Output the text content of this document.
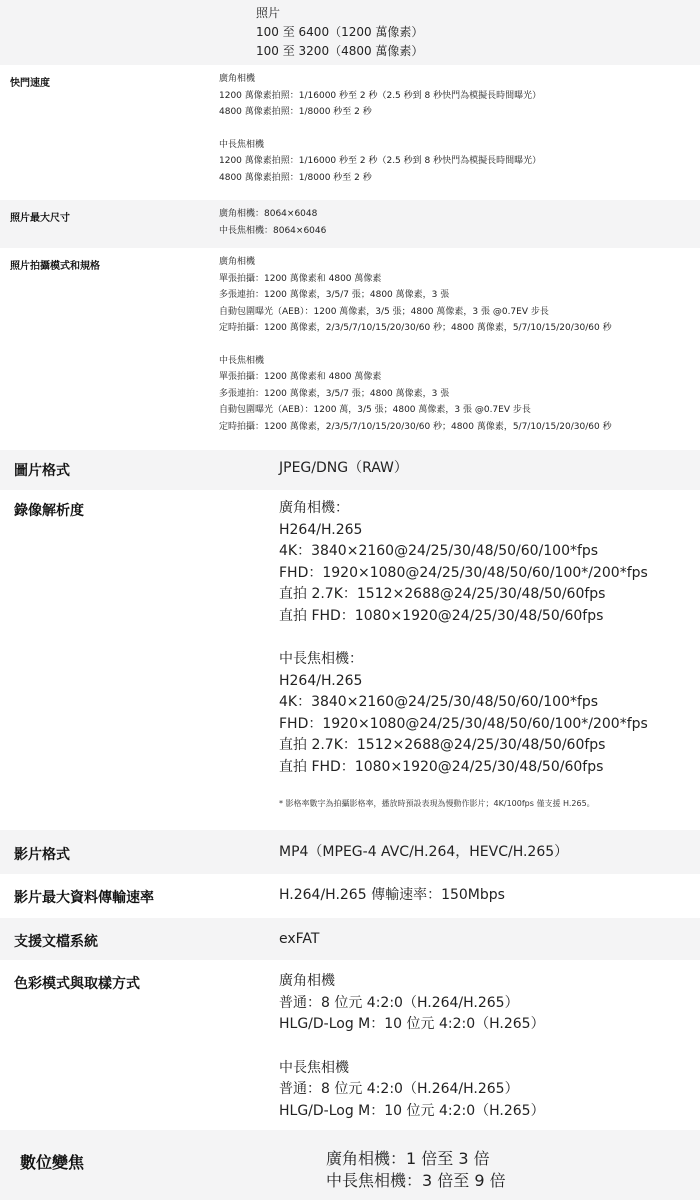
照片
100 至 6400（1200 萬像素）
100 至 3200（4800 萬像素）
快門速度	廣角相機
1200 萬像素拍照：1/16000 秒至 2 秒（2.5 秒到 8 秒快門為模擬長時間曝光）
4800 萬像素拍照：1/8000 秒至 2 秒
中長焦相機
1200 萬像素拍照：1/16000 秒至 2 秒（2.5 秒到 8 秒快門為模擬長時間曝光）
4800 萬像素拍照：1/8000 秒至 2 秒
照片最大尺寸	廣角相機：8064×6048
中長焦相機：8064×6046
照片拍攝模式和規格	廣角相機
單張拍攝：1200 萬像素和 4800 萬像素
多張連拍：1200 萬像素，3/5/7 張；4800 萬像素，3 張
自動包圍曝光（AEB）：1200 萬像素，3/5 張；4800 萬像素，3 張 @0.7EV 步長
定時拍攝：1200 萬像素，2/3/5/7/10/15/20/30/60 秒；4800 萬像素，5/7/10/15/20/30/60 秒
中長焦相機
單張拍攝：1200 萬像素和 4800 萬像素
多張連拍：1200 萬像素，3/5/7 張；4800 萬像素，3 張
自動包圍曝光（AEB）：1200 萬，3/5 張；4800 萬像素，3 張 @0.7EV 步長
定時拍攝：1200 萬像素，2/3/5/7/10/15/20/30/60 秒；4800 萬像素，5/7/10/15/20/30/60 秒
圖片格式	JPEG/DNG（RAW）
錄像解析度	廣角相機：
H264/H.265
4K：3840×2160@24/25/30/48/50/60/100*fps
FHD：1920×1080@24/25/30/48/50/60/100*/200*fps
直拍 2.7K：1512×2688@24/25/30/48/50/60fps
直拍 FHD：1080×1920@24/25/30/48/50/60fps
中長焦相機：
H264/H.265
4K：3840×2160@24/25/30/48/50/60/100*fps
FHD：1920×1080@24/25/30/48/50/60/100*/200*fps
直拍 2.7K：1512×2688@24/25/30/48/50/60fps
直拍 FHD：1080×1920@24/25/30/48/50/60fps
* 影格率數字為拍攝影格率，播放時預設表現為慢動作影片；4K/100fps 僅支援 H.265。
影片格式	MP4（MPEG-4 AVC/H.264，HEVC/H.265）
影片最大資料傳輸速率	H.264/H.265 傳輸速率：150Mbps
支援文檔系統	exFAT
色彩模式與取樣方式	廣角相機
普通：8 位元 4:2:0（H.264/H.265）
HLG/D-Log M：10 位元 4:2:0（H.265）
中長焦相機
普通：8 位元 4:2:0（H.264/H.265）
HLG/D-Log M：10 位元 4:2:0（H.265）
數位變焦	廣角相機：1 倍至 3 倍
中長焦相機：3 倍至 9 倍
